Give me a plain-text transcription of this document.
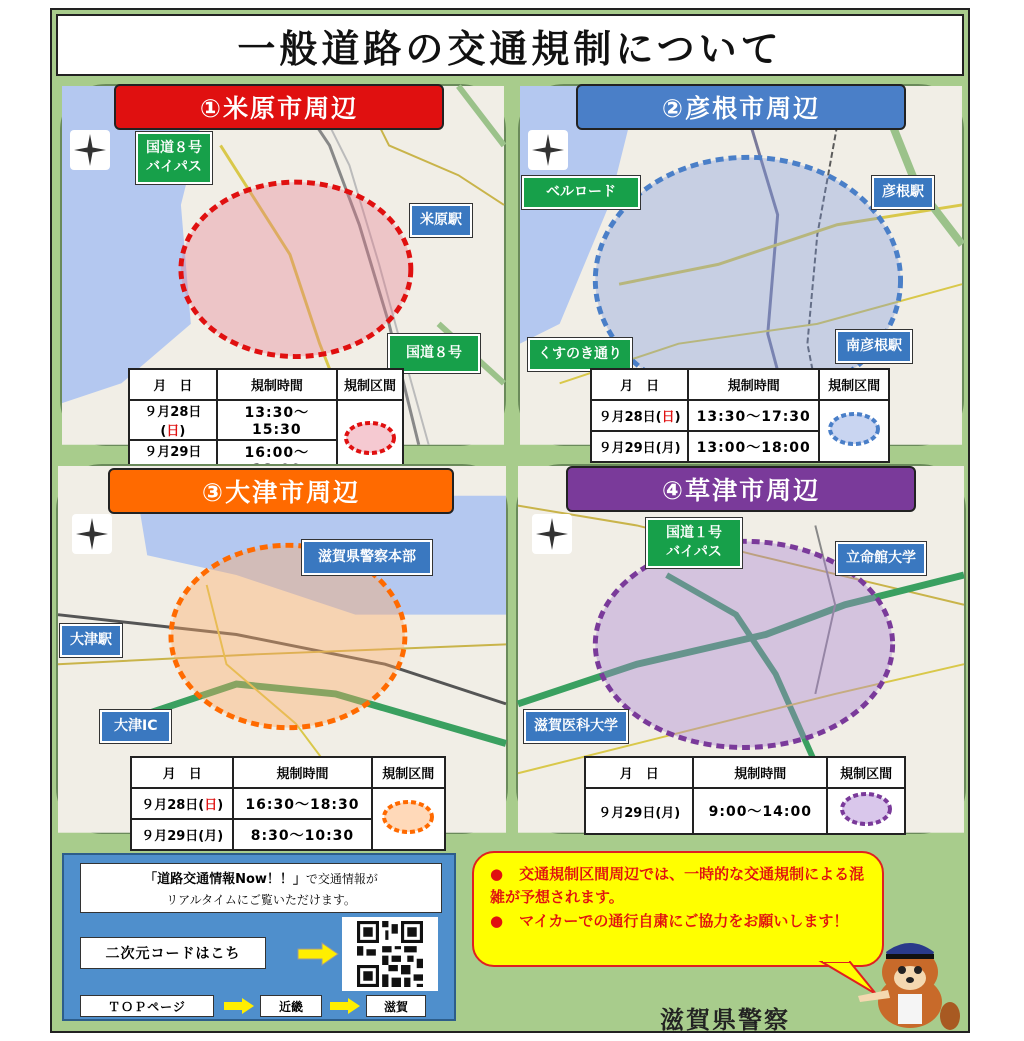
一般道路の交通規制について
①米原市周辺
国道８号
バイパス
米原駅
国道８号
月　日	規制時間	規制区間
９月28日(日)	13:30〜15:30	
９月29日	16:00〜	
②彦根市周辺
ベルロード	彦根駅
くすのき通り	南彦根駅
月　日	規制時間	規制区間
９月28日(日)	13:30〜17:30	
９月29日(月)	13:00〜18:00	
③大津市周辺
滋賀県警察本部
大津駅
大津IC
月　日	規制時間	規制区間
９月28日(日)	16:30〜18:30	
９月29日(月)	8:30〜10:30	
④草津市周辺
国道１号
バイパス	立命館大学
滋賀医科大学
月　日	規制時間	規制区間
９月29日(月)	9:00〜14:00	
「道路交通情報Now！！」で交通情報が
リアルタイムにご覧いただけます。
二次元コードはこち
ＴＯＰページ	近畿	滋賀
● 交通規制区間周辺では、一時的な交通規制による混雑が予想されます。
● マイカーでの通行自粛にご協力をお願いします！
滋賀県警察
